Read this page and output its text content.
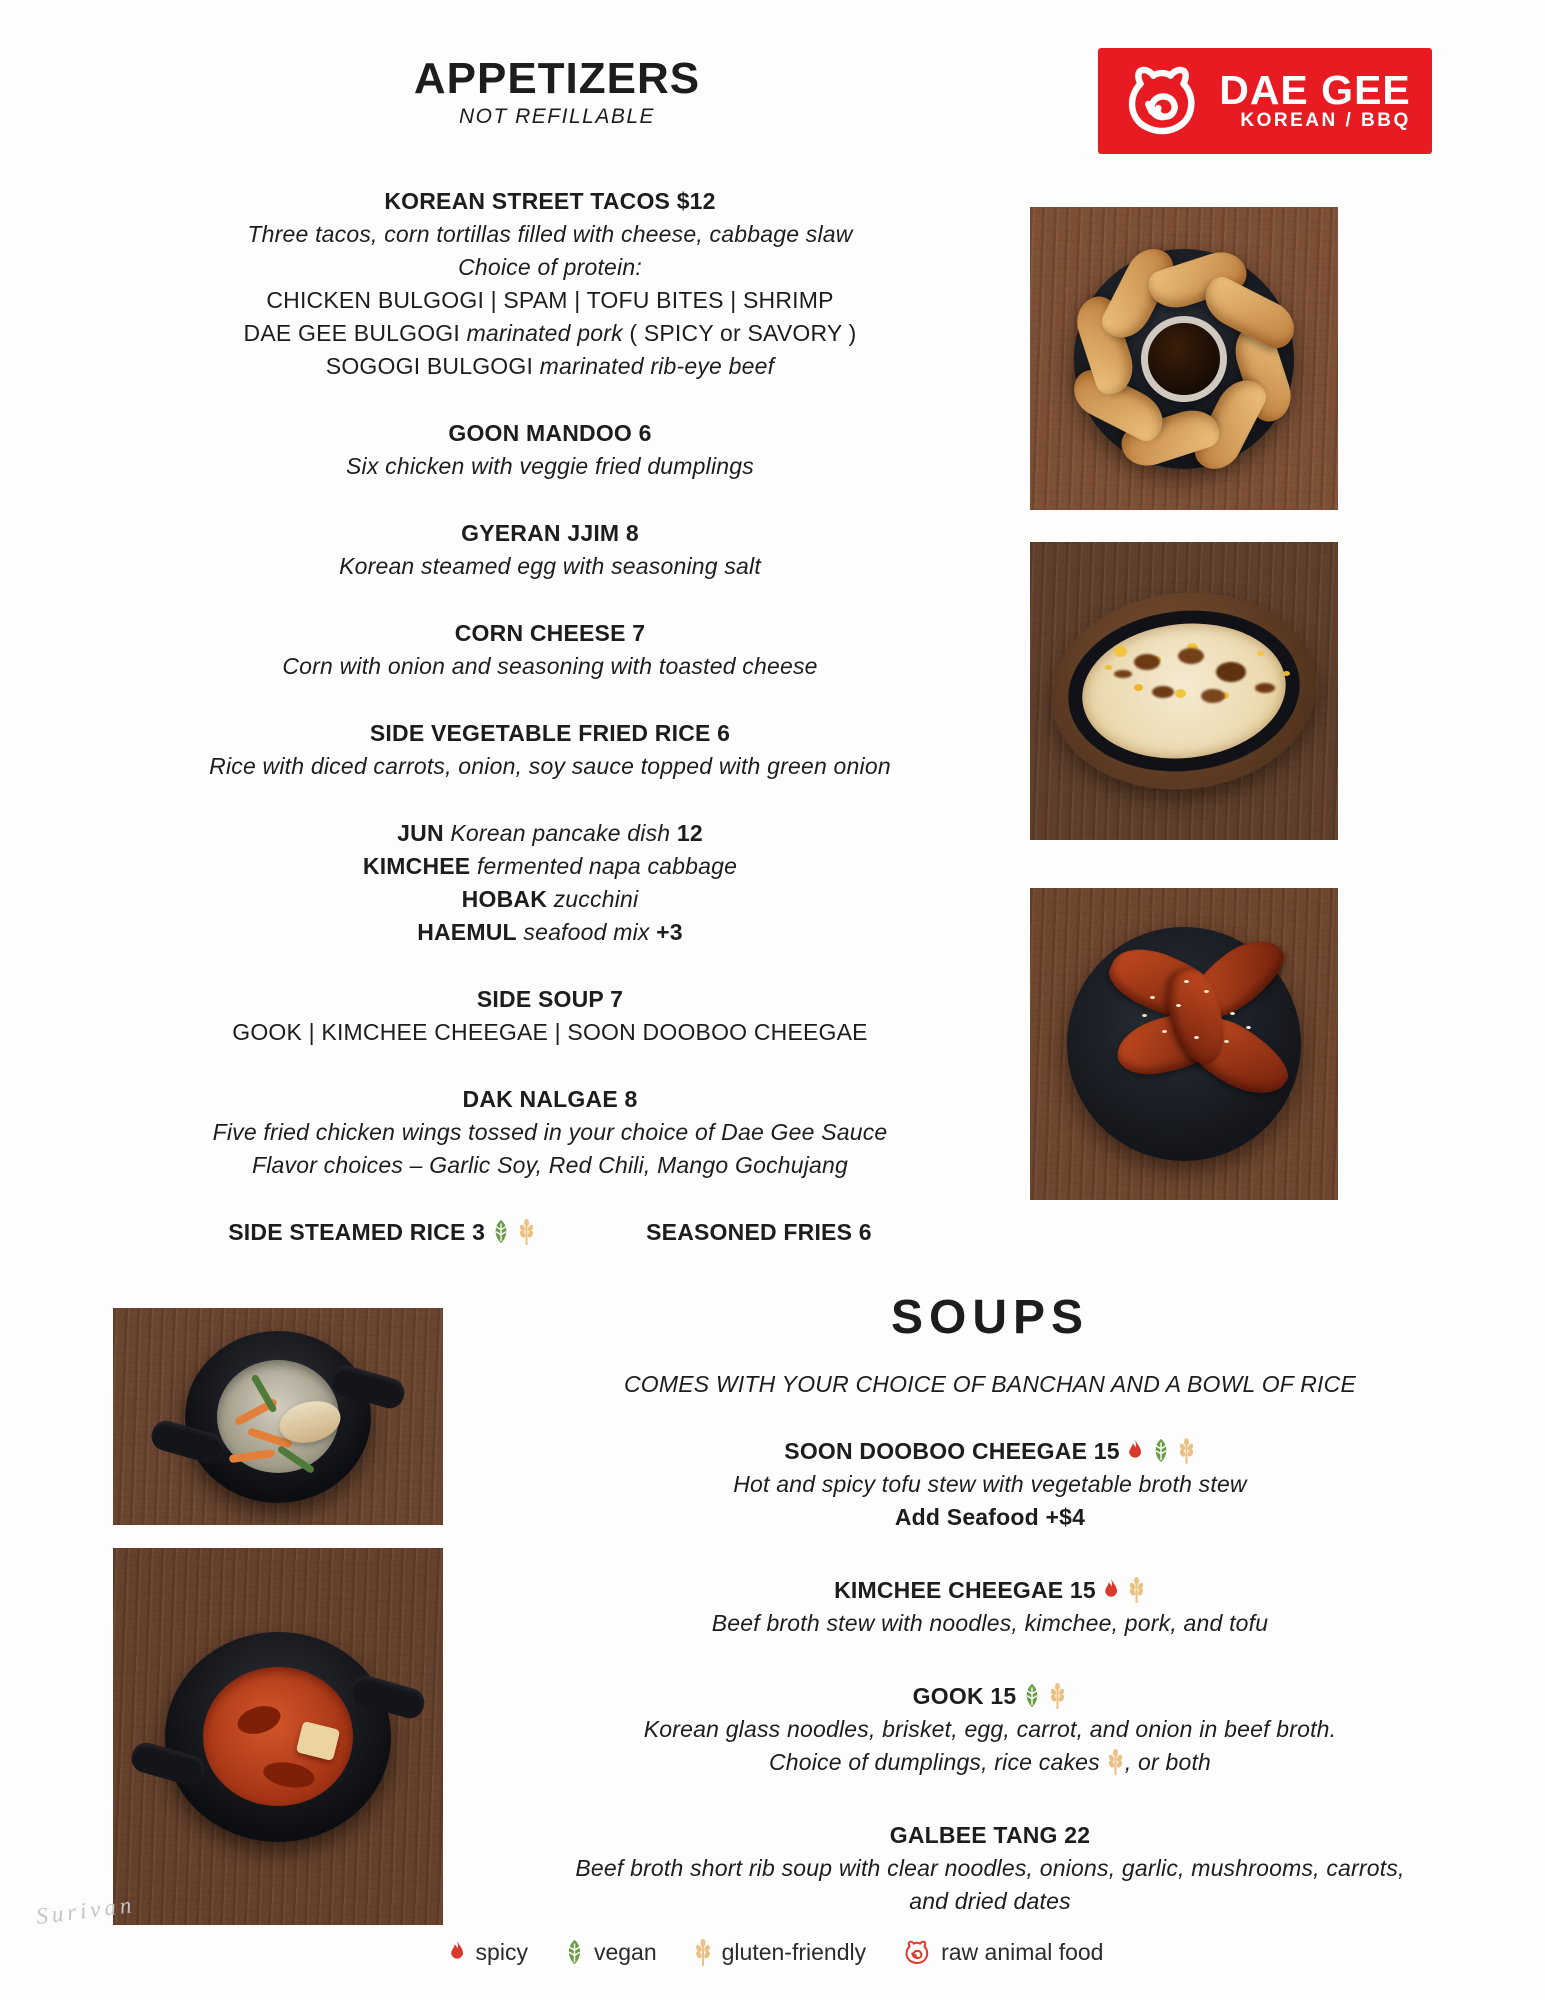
APPETIZERS
NOT REFILLABLE
DAE GEE
KOREAN / BBQ
KOREAN STREET TACOS $12
Three tacos, corn tortillas filled with cheese, cabbage slaw
Choice of protein:
CHICKEN BULGOGI | SPAM | TOFU BITES | SHRIMP
DAE GEE BULGOGI marinated pork ( SPICY or SAVORY )
SOGOGI BULGOGI marinated rib-eye beef
GOON MANDOO 6
Six chicken with veggie fried dumplings
GYERAN JJIM 8
Korean steamed egg with seasoning salt
CORN CHEESE 7
Corn with onion and seasoning with toasted cheese
SIDE VEGETABLE FRIED RICE 6
Rice with diced carrots, onion, soy sauce topped with green onion
JUN Korean pancake dish 12
KIMCHEE fermented napa cabbage
HOBAK zucchini
HAEMUL seafood mix +3
SIDE SOUP 7
GOOK | KIMCHEE CHEEGAE | SOON DOOBOO CHEEGAE
DAK NALGAE 8
Five fried chicken wings tossed in your choice of Dae Gee Sauce
Flavor choices – Garlic Soy, Red Chili, Mango Gochujang
SIDE STEAMED RICE 3	SEASONED FRIES 6
SOUPS
COMES WITH YOUR CHOICE OF BANCHAN AND A BOWL OF RICE
SOON DOOBOO CHEEGAE 15
Hot and spicy tofu stew with vegetable broth stew
Add Seafood +$4
KIMCHEE CHEEGAE 15
Beef broth stew with noodles, kimchee, pork, and tofu
GOOK 15
Korean glass noodles, brisket, egg, carrot, and onion in beef broth.
Choice of dumplings, rice cakes , or both
GALBEE TANG 22
Beef broth short rib soup with clear noodles, onions, garlic, mushrooms, carrots,
and dried dates
spicy	vegan	gluten-friendly	raw animal food
Surivan
